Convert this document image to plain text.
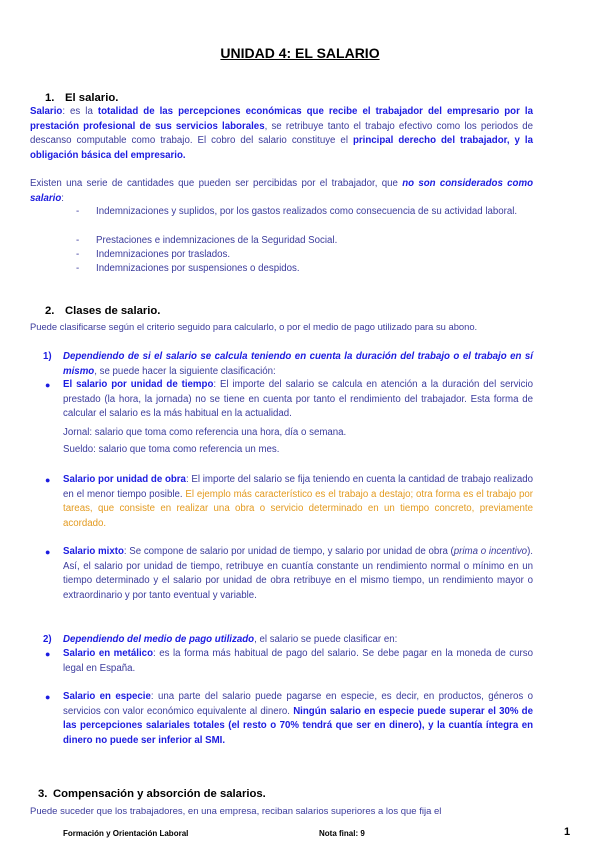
UNIDAD 4: EL SALARIO
1. El salario.
Salario: es la totalidad de las percepciones económicas que recibe el trabajador del empresario por la prestación profesional de sus servicios laborales, se retribuye tanto el trabajo efectivo como los periodos de descanso computable como trabajo. El cobro del salario constituye el principal derecho del trabajador, y la obligación básica del empresario.
Existen una serie de cantidades que pueden ser percibidas por el trabajador, que no son considerados como salario:
- Indemnizaciones y suplidos, por los gastos realizados como consecuencia de su actividad laboral.
- Prestaciones e indemnizaciones de la Seguridad Social.
- Indemnizaciones por traslados.
- Indemnizaciones por suspensiones o despidos.
2. Clases de salario.
Puede clasificarse según el criterio seguido para calcularlo, o por el medio de pago utilizado para su abono.
1) Dependiendo de si el salario se calcula teniendo en cuenta la duración del trabajo o el trabajo en sí mismo, se puede hacer la siguiente clasificación:
● El salario por unidad de tiempo: El importe del salario se calcula en atención a la duración del servicio prestado (la hora, la jornada) no se tiene en cuenta por tanto el rendimiento del trabajador. Esta forma de calcular el salario es la más habitual en la actualidad.
Jornal: salario que toma como referencia una hora, día o semana.
Sueldo: salario que toma como referencia un mes.
● Salario por unidad de obra: El importe del salario se fija teniendo en cuenta la cantidad de trabajo realizado en el menor tiempo posible. El ejemplo más característico es el trabajo a destajo; otra forma es el trabajo por tareas, que consiste en realizar una obra o servicio determinado en un tiempo concreto, previamente acordado.
● Salario mixto: Se compone de salario por unidad de tiempo, y salario por unidad de obra (prima o incentivo). Así, el salario por unidad de tiempo, retribuye en cuantía constante un rendimiento normal o mínimo en un tiempo determinado y el salario por unidad de obra retribuye en el mismo tiempo, un rendimiento mayor o extraordinario y por tanto eventual y variable.
2) Dependiendo del medio de pago utilizado, el salario se puede clasificar en:
● Salario en metálico: es la forma más habitual de pago del salario. Se debe pagar en la moneda de curso legal en España.
● Salario en especie: una parte del salario puede pagarse en especie, es decir, en productos, géneros o servicios con valor económico equivalente al dinero. Ningún salario en especie puede superar el 30% de las percepciones salariales totales (el resto o 70% tendrá que ser en dinero), y la cuantía íntegra en dinero no puede ser inferior al SMI.
3. Compensación y absorción de salarios.
Puede suceder que los trabajadores, en una empresa, reciban salarios superiores a los que fija el
Formación y Orientación Laboral	Nota final: 9	1
